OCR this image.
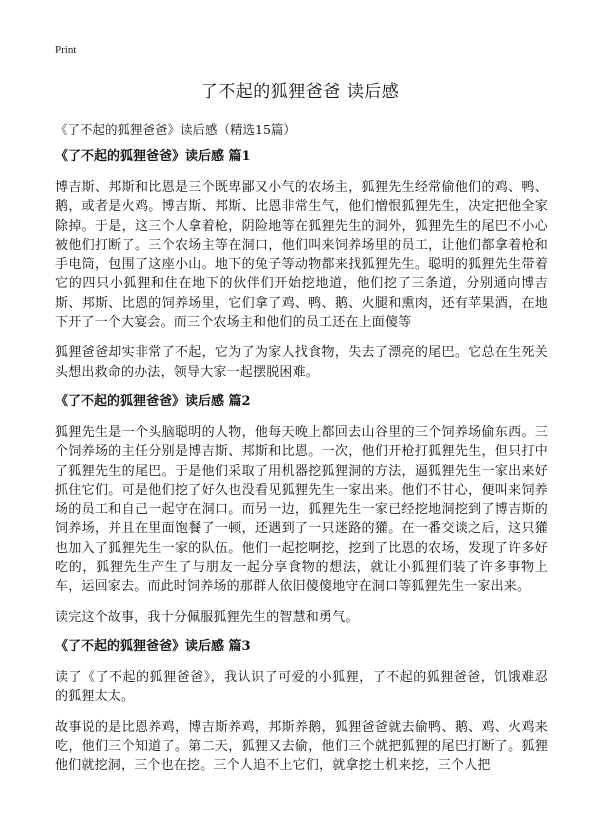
Print
了不起的狐狸爸爸 读后感
《了不起的狐狸爸爸》读后感（精选15篇）
《了不起的狐狸爸爸》读后感 篇1

博吉斯、邦斯和比恩是三个既卑鄙又小气的农场主，狐狸先生经常偷他们的鸡、鸭、鹅，或者是火鸡。博吉斯、邦斯、比恩非常生气，他们憎恨狐狸先生，决定把他全家除掉。于是，这三个人拿着枪，阴险地等在狐狸先生的洞外，狐狸先生的尾巴不小心被他们打断了。三个农场主等在洞口，他们叫来饲养场里的员工，让他们都拿着枪和手电筒，包围了这座小山。地下的兔子等动物都来找狐狸先生。聪明的狐狸先生带着它的四只小狐狸和住在地下的伙伴们开始挖地道，他们挖了三条道，分别通向博吉斯、邦斯、比恩的饲养场里，它们拿了鸡、鸭、鹅、火腿和熏肉，还有苹果酒，在地下开了一个大宴会。而三个农场主和他们的员工还在上面傻等

狐狸爸爸却实非常了不起，它为了为家人找食物，失去了漂亮的尾巴。它总在生死关头想出救命的办法，领导大家一起摆脱困难。

《了不起的狐狸爸爸》读后感 篇2

狐狸先生是一个头脑聪明的人物，他每天晚上都回去山谷里的三个饲养场偷东西。三个饲养场的主任分别是博吉斯、邦斯和比恩。一次，他们开枪打狐狸先生，但只打中了狐狸先生的尾巴。于是他们采取了用机器挖狐狸洞的方法，逼狐狸先生一家出来好抓住它们。可是他们挖了好久也没看见狐狸先生一家出来。他们不甘心，便叫来饲养场的员工和自己一起守在洞口。而另一边，狐狸先生一家已经挖地洞挖到了博吉斯的饲养场，并且在里面饱餐了一顿，还遇到了一只迷路的獾。在一番交谈之后，这只獾也加入了狐狸先生一家的队伍。他们一起挖啊挖，挖到了比恩的农场，发现了许多好吃的，狐狸先生产生了与朋友一起分享食物的想法，就让小狐狸们装了许多事物上车，运回家去。而此时饲养场的那群人依旧傻傻地守在洞口等狐狸先生一家出来。

读完这个故事，我十分佩服狐狸先生的智慧和勇气。

《了不起的狐狸爸爸》读后感 篇3

读了《了不起的狐狸爸爸》，我认识了可爱的小狐狸，了不起的狐狸爸爸，饥饿难忍的狐狸太太。

故事说的是比恩养鸡，博吉斯养鸡，邦斯养鹅，狐狸爸爸就去偷鸭、鹅、鸡、火鸡来吃，他们三个知道了。第二天，狐狸又去偷，他们三个就把狐狸的尾巴打断了。狐狸他们就挖洞，三个也在挖。三个人追不上它们，就拿挖土机来挖，三个人把
